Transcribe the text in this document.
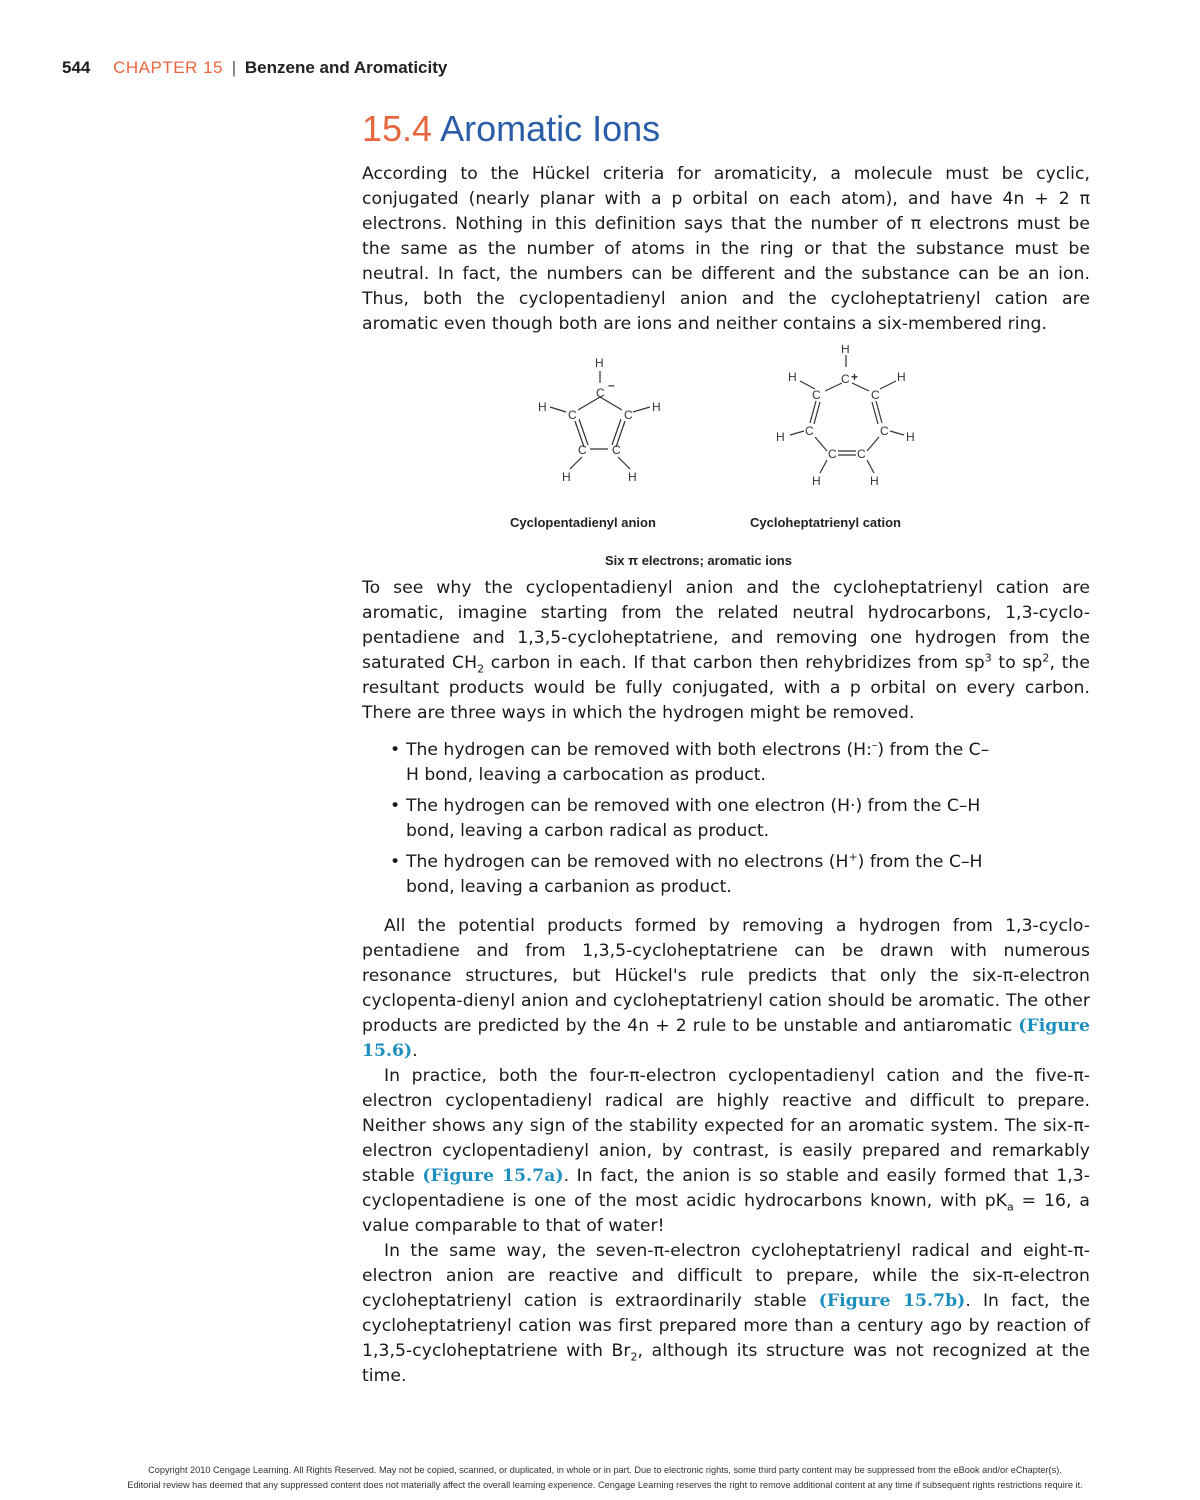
544 CHAPTER 15 | Benzene and Aromaticity
15.4 Aromatic Ions

According to the Hückel criteria for aromaticity, a molecule must be cyclic, conjugated (nearly planar with a p orbital on each atom), and have 4n + 2 π electrons. Nothing in this definition says that the number of π electrons must be the same as the number of atoms in the ring or that the substance must be neutral. In fact, the numbers can be different and the substance can be an ion. Thus, both the cyclopentadienyl anion and the cycloheptatrienyl cation are aromatic even though both are ions and neither contains a six-membered ring.

H
C
–
H
C	C
H
C C
H	H
H
C +
H
C	C
H
H C	C H
C C
H	H
Cyclopentadienyl anion	Cycloheptatrienyl cation
Six π electrons; aromatic ions

To see why the cyclopentadienyl anion and the cycloheptatrienyl cation are aromatic, imagine starting from the related neutral hydrocarbons, 1,3-cyclo-pentadiene and 1,3,5-cycloheptatriene, and removing one hydrogen from the saturated $CH_2$ carbon in each. If that carbon then rehybridizes from $sp^3$ to $sp^2$, the resultant products would be fully conjugated, with a p orbital on every carbon. There are three ways in which the hydrogen might be removed.

• The hydrogen can be removed with both electrons (H:–) from the C–H bond, leaving a carbocation as product.
• The hydrogen can be removed with one electron (H·) from the C–H bond, leaving a carbon radical as product.
• The hydrogen can be removed with no electrons (H+) from the C–H bond, leaving a carbanion as product.

All the potential products formed by removing a hydrogen from 1,3-cyclo-pentadiene and from 1,3,5-cycloheptatriene can be drawn with numerous resonance structures, but Hückel's rule predicts that only the six-π-electron cyclopenta-dienyl anion and cycloheptatrienyl cation should be aromatic. The other products are predicted by the 4n + 2 rule to be unstable and antiaromatic (Figure 15.6).

In practice, both the four-π-electron cyclopentadienyl cation and the five-π-electron cyclopentadienyl radical are highly reactive and difficult to prepare. Neither shows any sign of the stability expected for an aromatic system. The six-π-electron cyclopentadienyl anion, by contrast, is easily prepared and remarkably stable (Figure 15.7a). In fact, the anion is so stable and easily formed that 1,3-cyclopentadiene is one of the most acidic hydrocarbons known, with $pK_a = 16$, a value comparable to that of water!

In the same way, the seven-π-electron cycloheptatrienyl radical and eight-π-electron anion are reactive and difficult to prepare, while the six-π-electron cycloheptatrienyl cation is extraordinarily stable (Figure 15.7b). In fact, the cycloheptatrienyl cation was first prepared more than a century ago by reaction of 1,3,5-cycloheptatriene with $Br_2$, although its structure was not recognized at the time.

Copyright 2010 Cengage Learning. All Rights Reserved. May not be copied, scanned, or duplicated, in whole or in part. Due to electronic rights, some third party content may be suppressed from the eBook and/or eChapter(s).
Editorial review has deemed that any suppressed content does not materially affect the overall learning experience. Cengage Learning reserves the right to remove additional content at any time if subsequent rights restrictions require it.
